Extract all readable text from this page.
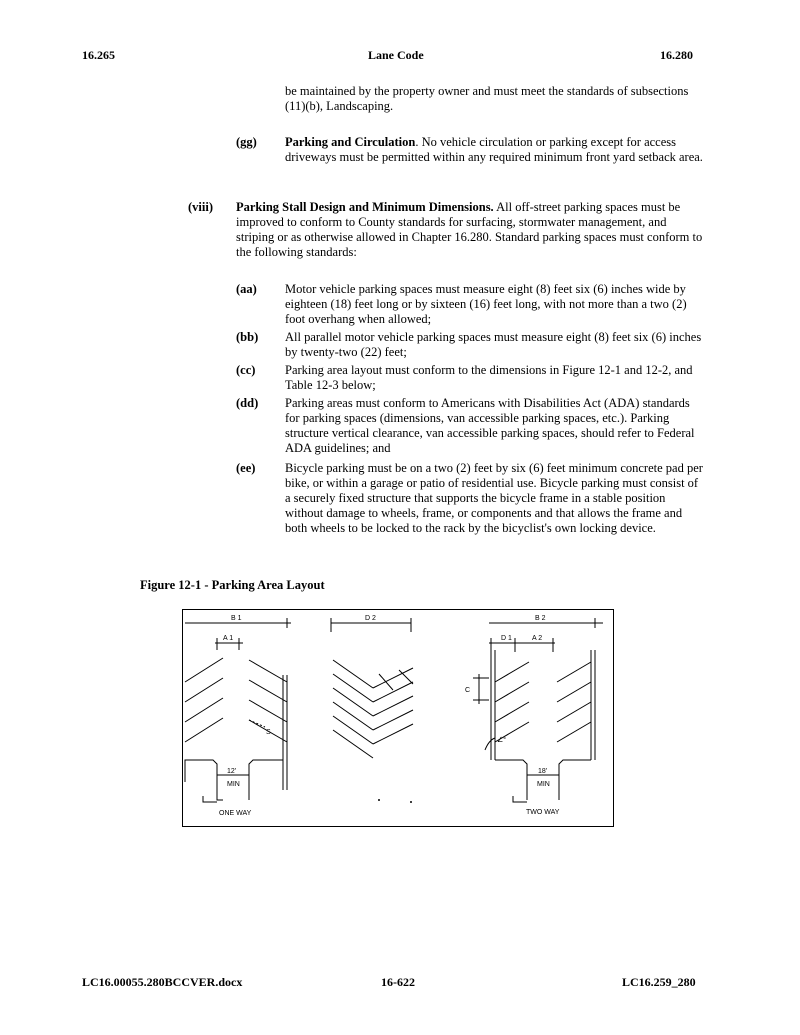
16.265	Lane Code	16.280
be maintained by the property owner and must meet the standards of subsections (11)(b), Landscaping.
(gg) Parking and Circulation. No vehicle circulation or parking except for access driveways must be permitted within any required minimum front yard setback area.
(viii) Parking Stall Design and Minimum Dimensions. All off-street parking spaces must be improved to conform to County standards for surfacing, stormwater management, and striping or as otherwise allowed in Chapter 16.280. Standard parking spaces must conform to the following standards:
(aa) Motor vehicle parking spaces must measure eight (8) feet six (6) inches wide by eighteen (18) feet long or by sixteen (16) feet long, with not more than a two (2) foot overhang when allowed;
(bb) All parallel motor vehicle parking spaces must measure eight (8) feet six (6) inches by twenty-two (22) feet;
(cc) Parking area layout must conform to the dimensions in Figure 12-1 and 12-2, and Table 12-3 below;
(dd) Parking areas must conform to Americans with Disabilities Act (ADA) standards for parking spaces (dimensions, van accessible parking spaces, etc.). Parking structure vertical clearance, van accessible parking spaces, should refer to Federal ADA guidelines; and
(ee) Bicycle parking must be on a two (2) feet by six (6) feet minimum concrete pad per bike, or within a garage or patio of residential use. Bicycle parking must consist of a securely fixed structure that supports the bicycle frame in a stable position without damage to wheels, frame, or components and that allows the frame and both wheels to be locked to the rack by the bicyclist's own locking device.
Figure 12-1 - Parking Area Layout
B 1
A 1
S
12'
MIN
ONE WAY
D 2	B 2
D 1	A 2
C
∠°
18'
MIN
TWO WAY
LC16.00055.280BCCVER.docx	16-622	LC16.259_280
